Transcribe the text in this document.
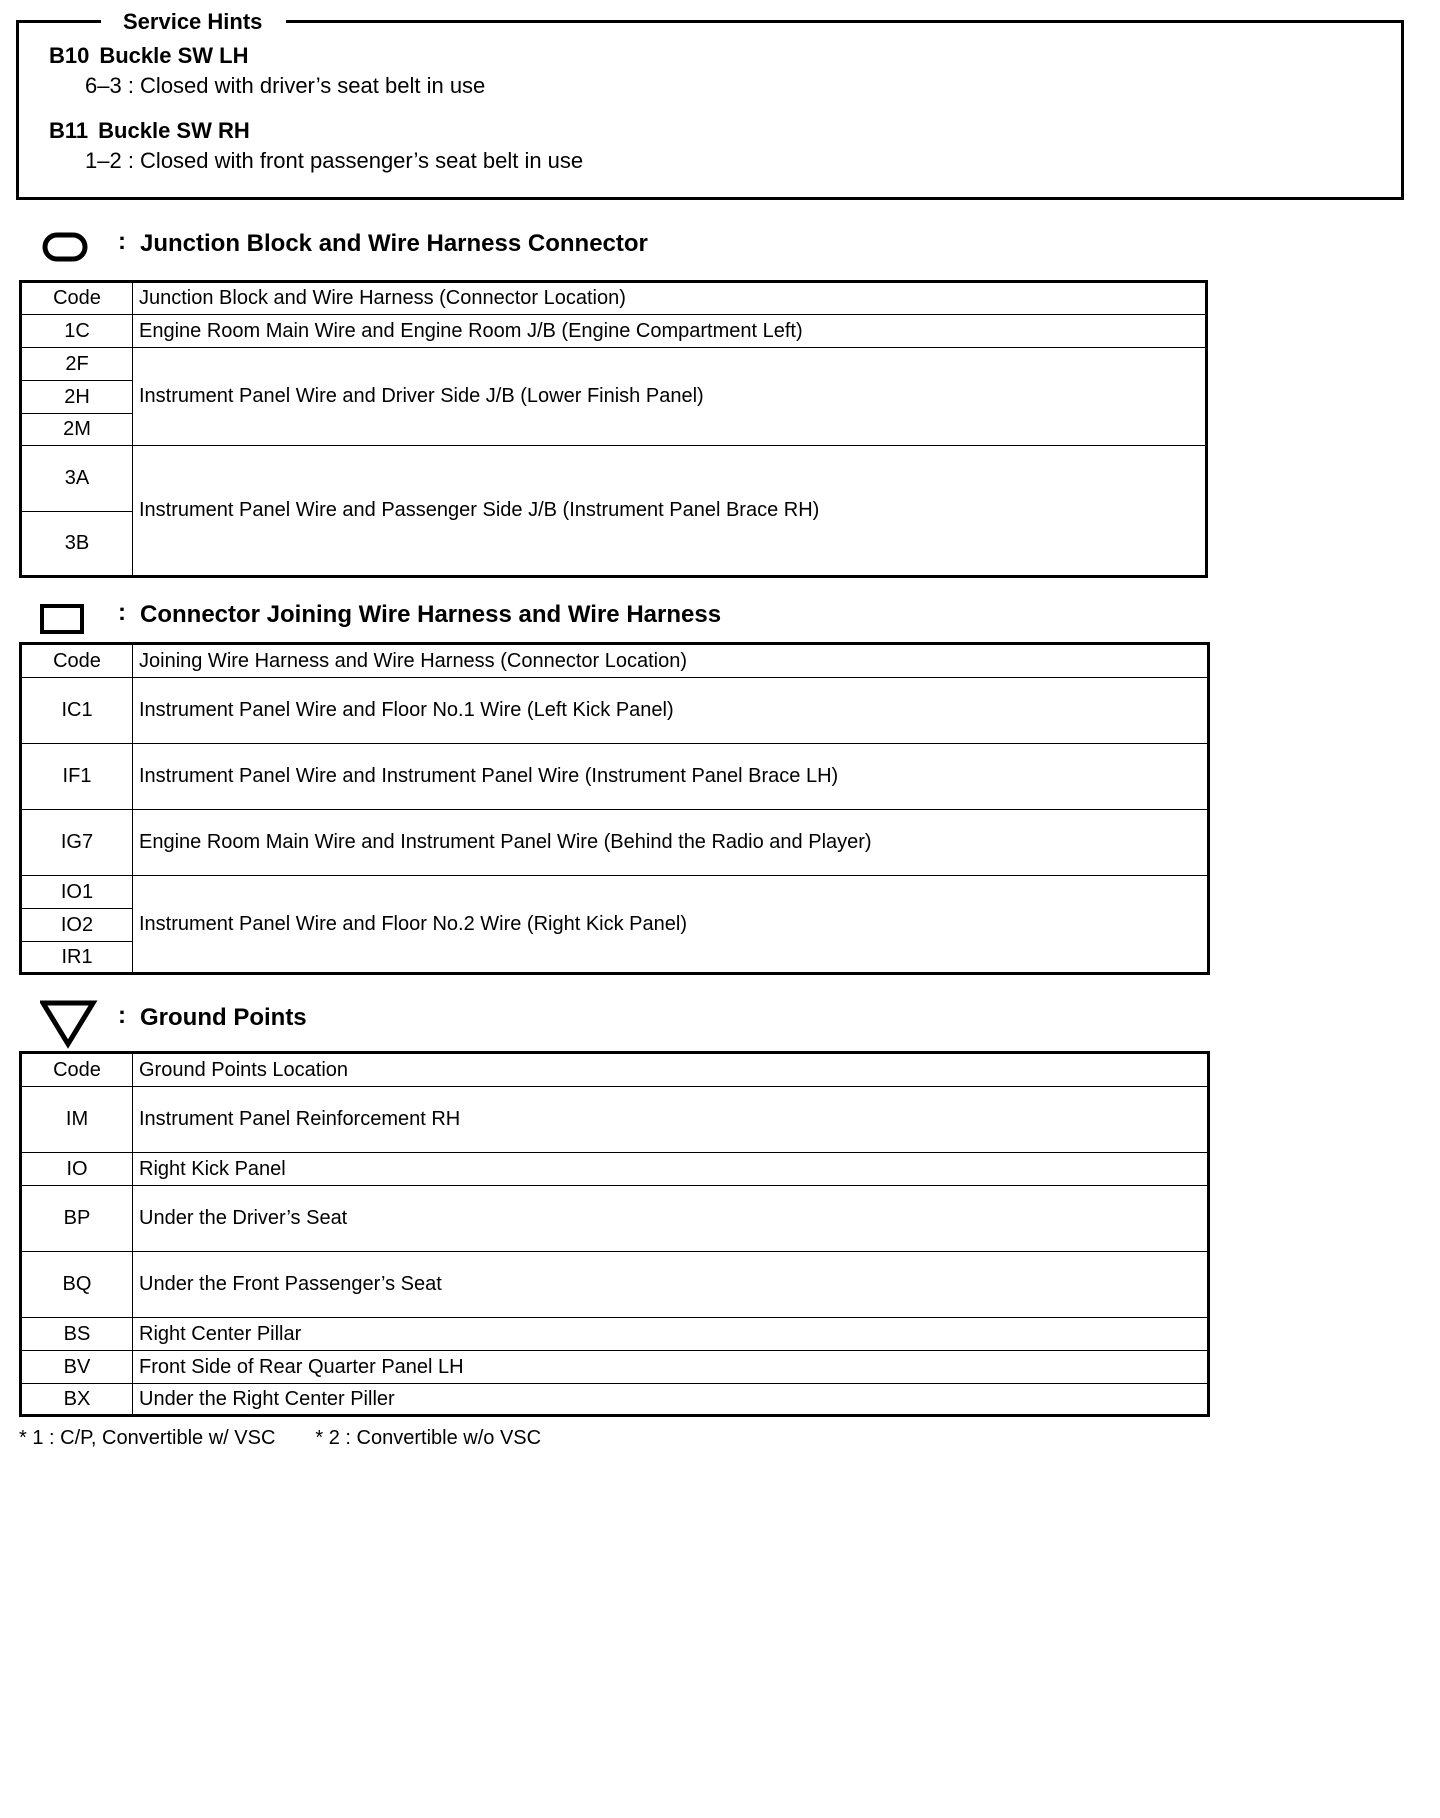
Service Hints
B10 Buckle SW LH
6–3 : Closed with driver’s seat belt in use
B11 Buckle SW RH
1–2 : Closed with front passenger’s seat belt in use
: Junction Block and Wire Harness Connector
Code	Junction Block and Wire Harness (Connector Location)
1C	Engine Room Main Wire and Engine Room J/B (Engine Compartment Left)
2F	Instrument Panel Wire and Driver Side J/B (Lower Finish Panel)
2H	
2M	
3A	Instrument Panel Wire and Passenger Side J/B (Instrument Panel Brace RH)
3B	
: Connector Joining Wire Harness and Wire Harness
Code	Joining Wire Harness and Wire Harness (Connector Location)
IC1	Instrument Panel Wire and Floor No.1 Wire (Left Kick Panel)
IF1	Instrument Panel Wire and Instrument Panel Wire (Instrument Panel Brace LH)
IG7	Engine Room Main Wire and Instrument Panel Wire (Behind the Radio and Player)
IO1	Instrument Panel Wire and Floor No.2 Wire (Right Kick Panel)
IO2	
IR1	
: Ground Points
Code	Ground Points Location
IM	Instrument Panel Reinforcement RH
IO	Right Kick Panel
BP	Under the Driver’s Seat
BQ	Under the Front Passenger’s Seat
BS	Right Center Pillar
BV	Front Side of Rear Quarter Panel LH
BX	Under the Right Center Piller
* 1 : C/P, Convertible w/ VSC * 2 : Convertible w/o VSC
